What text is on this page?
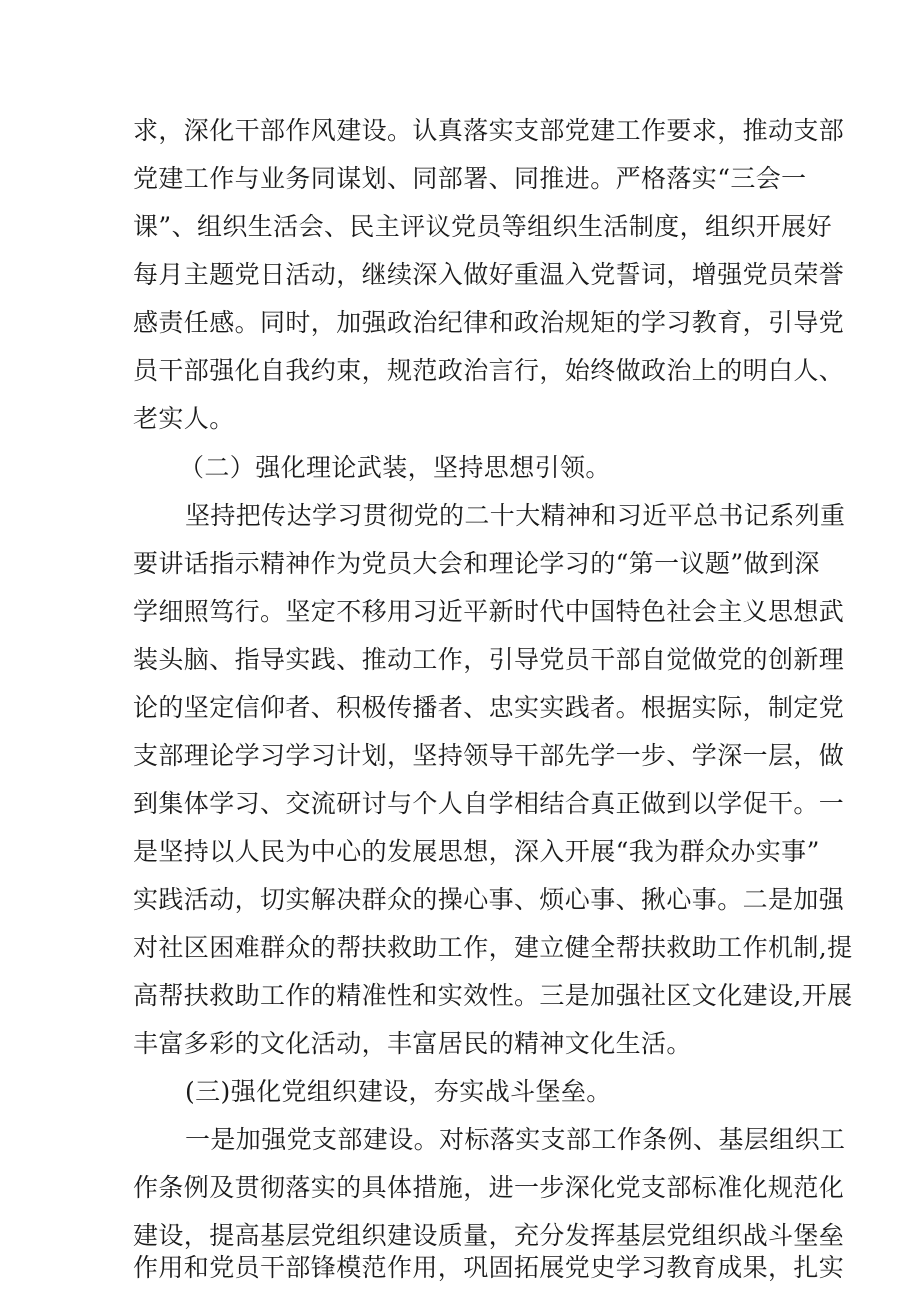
求，深化干部作风建设。认真落实支部党建工作要求，推动支部
党建工作与业务同谋划、同部署、同推进。严格落实“三会一
课”、组织生活会、民主评议党员等组织生活制度，组织开展好
每月主题党日活动，继续深入做好重温入党誓词，增强党员荣誉
感责任感。同时，加强政治纪律和政治规矩的学习教育，引导党
员干部强化自我约束，规范政治言行，始终做政治上的明白人、
老实人。
（二）强化理论武装，坚持思想引领。
坚持把传达学习贯彻党的二十大精神和习近平总书记系列重
要讲话指示精神作为党员大会和理论学习的“第一议题”做到深
学细照笃行。坚定不移用习近平新时代中国特色社会主义思想武
装头脑、指导实践、推动工作，引导党员干部自觉做党的创新理
论的坚定信仰者、积极传播者、忠实实践者。根据实际，制定党
支部理论学习学习计划，坚持领导干部先学一步、学深一层，做
到集体学习、交流研讨与个人自学相结合真正做到以学促干。一
是坚持以人民为中心的发展思想，深入开展“我为群众办实事”
实践活动，切实解决群众的操心事、烦心事、揪心事。二是加强
对社区困难群众的帮扶救助工作，建立健全帮扶救助工作机制,提
高帮扶救助工作的精准性和实效性。三是加强社区文化建设,开展
丰富多彩的文化活动，丰富居民的精神文化生活。
(三)强化党组织建设，夯实战斗堡垒。
一是加强党支部建设。对标落实支部工作条例、基层组织工
作条例及贯彻落实的具体措施，进一步深化党支部标准化规范化
建设，提高基层党组织建设质量，充分发挥基层党组织战斗堡垒
作用和党员干部锋模范作用，巩固拓展党史学习教育成果，扎实
